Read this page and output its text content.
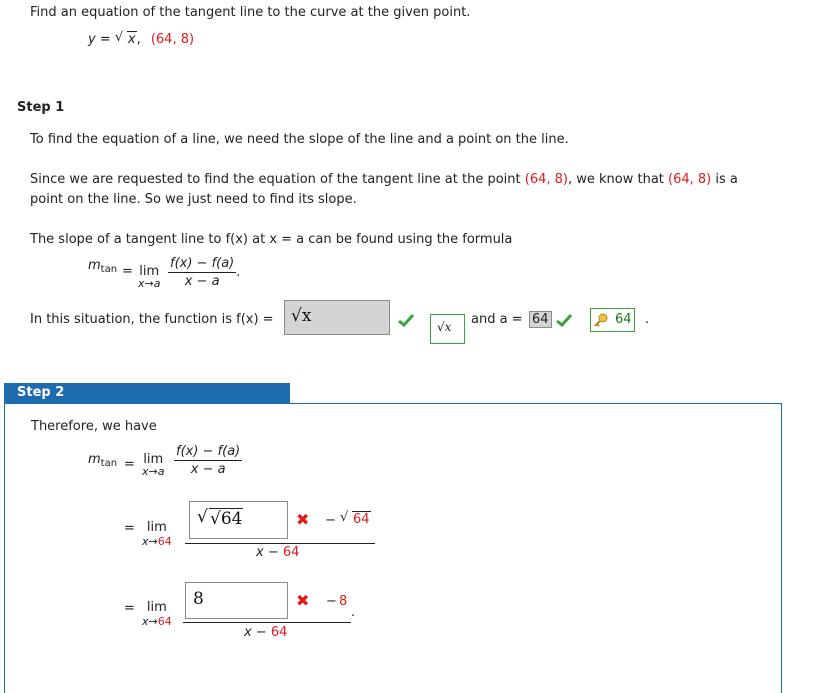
Find an equation of the tangent line to the curve at the given point.
y = √ x, (64, 8)
Step 1
To find the equation of a line, we need the slope of the line and a point on the line.
Since we are requested to find the equation of the tangent line at the point (64, 8), we know that (64, 8) is a
point on the line. So we just need to find its slope.
The slope of a tangent line to f(x) at x = a can be found using the formula
$m_{tan} = \lim$
$x\to a \frac{f(x) - f(a)}{x - a}$ .
In this situation, the function is f(x) = √x
√x and a = 64	64 .
Step 2
Therefore, we have
$m_{tan} = \lim$
$x\to a \frac{f(x) - f(a)}{x - a}$
= lim
x→64
√ √64	✖ − √ 64
x − 64
= lim
x→64
8	✖ − 8
.
x − 64
